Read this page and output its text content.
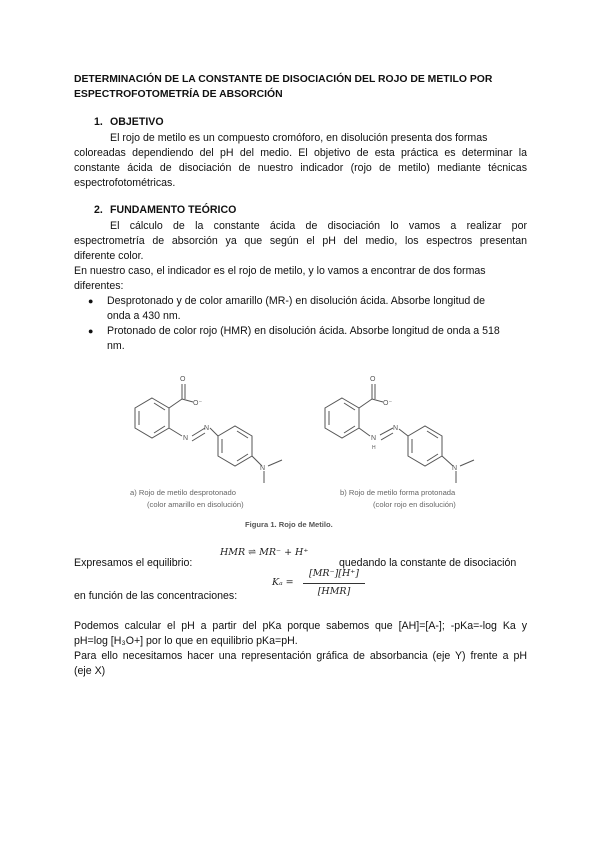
DETERMINACIÓN DE LA CONSTANTE DE DISOCIACIÓN DEL ROJO DE METILO POR ESPECTROFOTOMETRÍA DE ABSORCIÓN
1. OBJETIVO
El rojo de metilo es un compuesto cromóforo, en disolución presenta dos formas
coloreadas dependiendo del pH del medio. El objetivo de esta práctica es determinar la
constante ácida de disociación de nuestro indicador (rojo de metilo) mediante técnicas
espectrofotométricas.
2. FUNDAMENTO TEÓRICO
El cálculo de la constante ácida de disociación lo vamos a realizar por
espectrometría de absorción ya que según el pH del medio, los espectros presentan
diferente color.
En nuestro caso, el indicador es el rojo de metilo, y lo vamos a encontrar de dos formas
diferentes:
●	Desprotonado y de color amarillo (MR-) en disolución ácida. Absorbe longitud de
onda a 430 nm.
●	Protonado de color rojo (HMR) en disolución ácida. Absorbe longitud de onda a 518
nm.
O
O⁻
N
N
N
O
O⁻
N
H
N
N
a) Rojo de metilo desprotonado
(color amarillo en disolución)
b) Rojo de metilo forma protonada
(color rojo en disolución)
Figura 1. Rojo de Metilo.
Expresamos el equilibrio:
HMR ⇌ MR⁻ + H⁺
quedando la constante de disociación
en función de las concentraciones:
Kₐ =
[MR⁻][H⁺]
[HMR]
Podemos calcular el pH a partir del pKa porque sabemos que [AH]=[A-]; -pKa=-log Ka y
pH=log [H₃O+] por lo que en equilibrio pKa=pH.
Para ello necesitamos hacer una representación gráfica de absorbancia (eje Y) frente a pH
(eje X)
